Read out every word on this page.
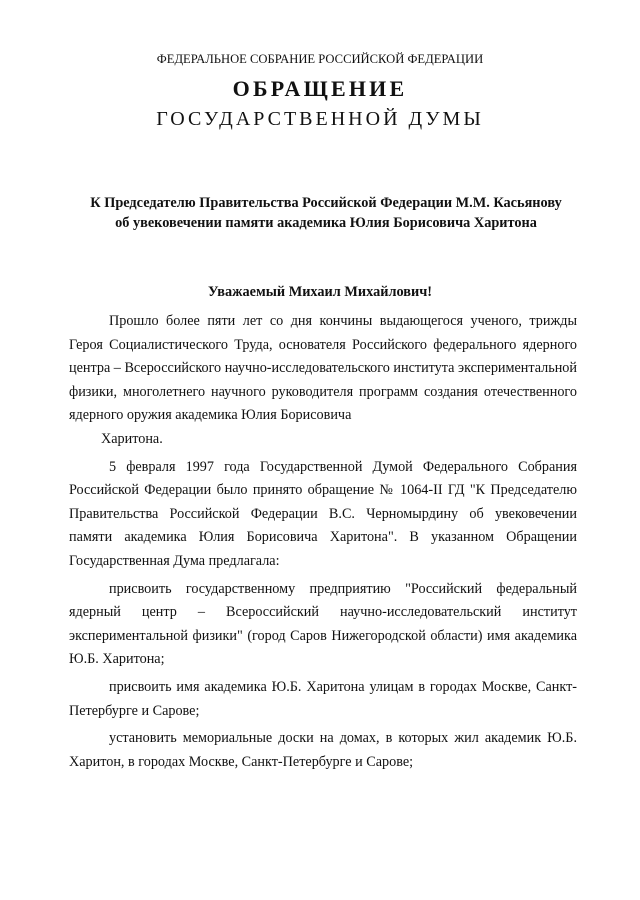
ФЕДЕРАЛЬНОЕ СОБРАНИЕ РОССИЙСКОЙ ФЕДЕРАЦИИ
ОБРАЩЕНИЕ
ГОСУДАРСТВЕННОЙ ДУМЫ
К Председателю Правительства Российской Федерации М.М. Касьянову
об увековечении памяти академика Юлия Борисовича Харитона
Уважаемый Михаил Михайлович!

Прошло более пяти лет со дня кончины выдающегося ученого, трижды Героя Социалистического Труда, основателя Российского федерального ядерного центра – Всероссийского научно-исследовательского института экспериментальной физики, многолетнего научного руководителя программ создания отечественного ядерного оружия академика Юлия Борисовича
Харитона.

5 февраля 1997 года Государственной Думой Федерального Собрания Российской Федерации было принято обращение № 1064-II ГД "К Председателю Правительства Российской Федерации В.С. Черномырдину об увековечении памяти академика Юлия Борисовича Харитона". В указанном Обращении Государственная Дума предлагала:

присвоить государственному предприятию "Российский федеральный ядерный центр – Всероссийский научно-исследовательский институт экспериментальной физики" (город Саров Нижегородской области) имя академика Ю.Б. Харитона;

присвоить имя академика Ю.Б. Харитона улицам в городах Москве, Санкт-Петербурге и Сарове;

установить мемориальные доски на домах, в которых жил академик Ю.Б. Харитон, в городах Москве, Санкт-Петербурге и Сарове;
